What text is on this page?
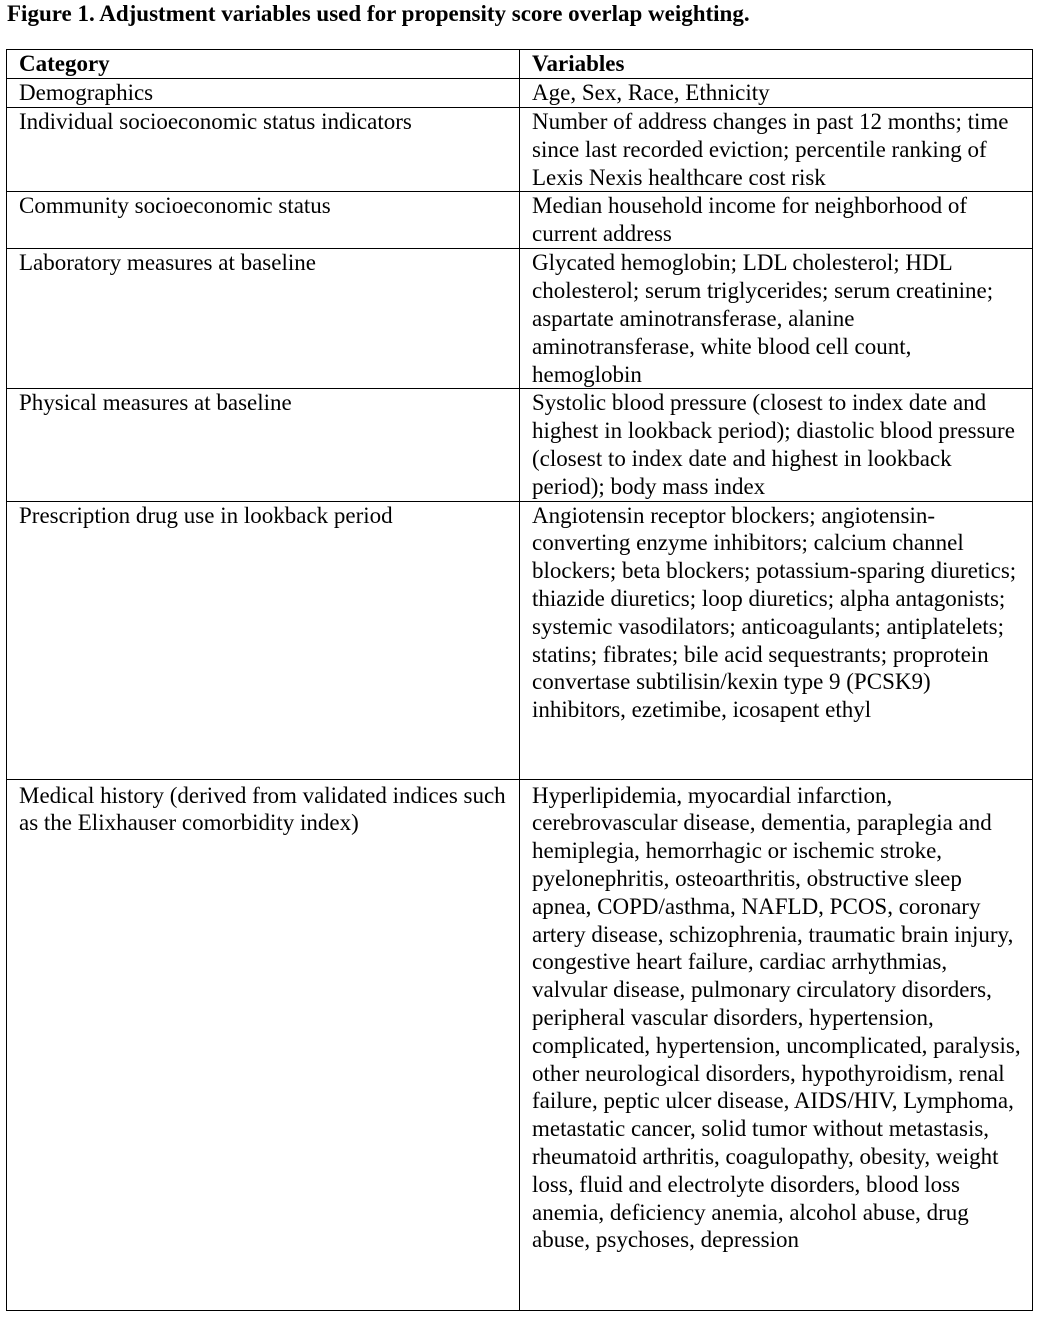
Figure 1. Adjustment variables used for propensity score overlap weighting.
Category	Variables
Demographics	Age, Sex, Race, Ethnicity
Individual socioeconomic status indicators	Number of address changes in past 12 months; time since last recorded eviction; percentile ranking of Lexis Nexis healthcare cost risk
Community socioeconomic status	Median household income for neighborhood of current address
Laboratory measures at baseline	Glycated hemoglobin; LDL cholesterol; HDL cholesterol; serum triglycerides; serum creatinine; aspartate aminotransferase, alanine aminotransferase, white blood cell count, hemoglobin
Physical measures at baseline	Systolic blood pressure (closest to index date and highest in lookback period); diastolic blood pressure (closest to index date and highest in lookback period); body mass index
Prescription drug use in lookback period	Angiotensin receptor blockers; angiotensin-converting enzyme inhibitors; calcium channel blockers; beta blockers; potassium-sparing diuretics; thiazide diuretics; loop diuretics; alpha antagonists; systemic vasodilators; anticoagulants; antiplatelets; statins; fibrates; bile acid sequestrants; proprotein convertase subtilisin/kexin type 9 (PCSK9) inhibitors, ezetimibe, icosapent ethyl
Medical history (derived from validated indices such as the Elixhauser comorbidity index)	Hyperlipidemia, myocardial infarction, cerebrovascular disease, dementia, paraplegia and hemiplegia, hemorrhagic or ischemic stroke, pyelonephritis, osteoarthritis, obstructive sleep apnea, COPD/asthma, NAFLD, PCOS, coronary artery disease, schizophrenia, traumatic brain injury, congestive heart failure, cardiac arrhythmias, valvular disease, pulmonary circulatory disorders, peripheral vascular disorders, hypertension, complicated, hypertension, uncomplicated, paralysis, other neurological disorders, hypothyroidism, renal failure, peptic ulcer disease, AIDS/HIV, Lymphoma, metastatic cancer, solid tumor without metastasis, rheumatoid arthritis, coagulopathy, obesity, weight loss, fluid and electrolyte disorders, blood loss anemia, deficiency anemia, alcohol abuse, drug abuse, psychoses, depression
